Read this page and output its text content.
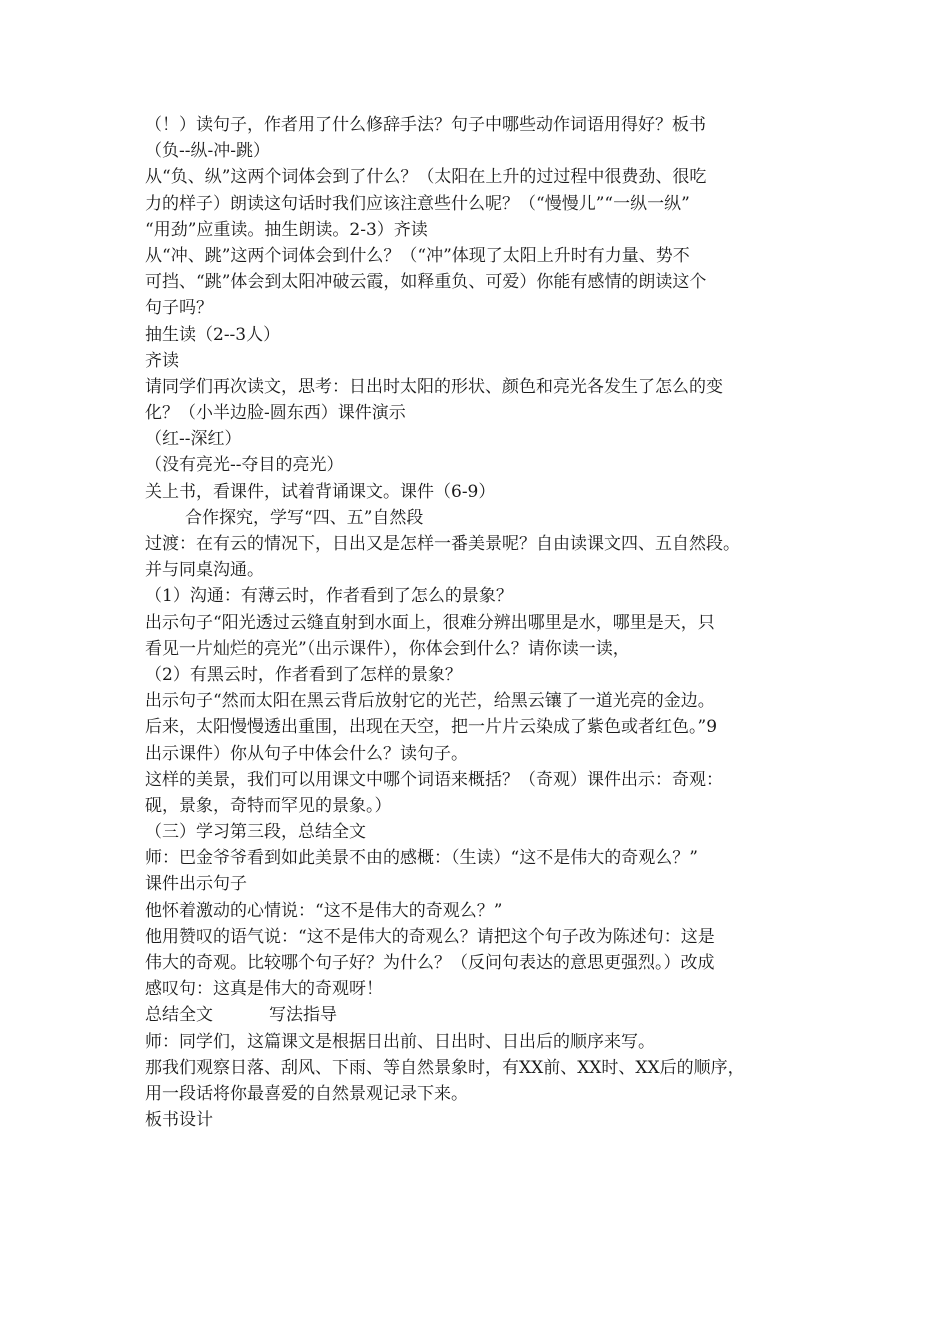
（！）读句子，作者用了什么修辞手法？句子中哪些动作词语用得好？板书
（负--纵-冲-跳）
从“负、纵”这两个词体会到了什么？（太阳在上升的过过程中很费劲、很吃
力的样子）朗读这句话时我们应该注意些什么呢？（“慢慢儿”“一纵一纵”
“用劲”应重读。抽生朗读。2-3）齐读
从“冲、跳”这两个词体会到什么？（“冲”体现了太阳上升时有力量、势不
可挡、“跳”体会到太阳冲破云霞，如释重负、可爱）你能有感情的朗读这个
句子吗？
抽生读（2--3人）
齐读
请同学们再次读文，思考：日出时太阳的形状、颜色和亮光各发生了怎么的变
化？（小半边脸-圆东西）课件演示
（红--深红）
（没有亮光--夺目的亮光）
关上书，看课件，试着背诵课文。课件（6-9）
合作探究，学写“四、五”自然段
过渡：在有云的情况下，日出又是怎样一番美景呢？自由读课文四、五自然段。
并与同桌沟通。
（1）沟通：有薄云时，作者看到了怎么的景象？
出示句子“阳光透过云缝直射到水面上，很难分辨出哪里是水，哪里是天，只
看见一片灿烂的亮光”（出示课件），你体会到什么？请你读一读，
（2）有黑云时，作者看到了怎样的景象？
出示句子“然而太阳在黑云背后放射它的光芒，给黑云镶了一道光亮的金边。
后来，太阳慢慢透出重围，出现在天空，把一片片云染成了紫色或者红色。”9
出示课件）你从句子中体会什么？读句子。
这样的美景，我们可以用课文中哪个词语来概括？（奇观）课件出示：奇观：
砚，景象，奇特而罕见的景象。）
（三）学习第三段，总结全文
师：巴金爷爷看到如此美景不由的感概：（生读）“这不是伟大的奇观么？”
课件出示句子
他怀着激动的心情说：“这不是伟大的奇观么？”
他用赞叹的语气说：“这不是伟大的奇观么？请把这个句子改为陈述句：这是
伟大的奇观。比较哪个句子好？为什么？（反问句表达的意思更强烈。）改成
感叹句：这真是伟大的奇观呀！
总结全文	写法指导
师：同学们，这篇课文是根据日出前、日出时、日出后的顺序来写。
那我们观察日落、刮风、下雨、等自然景象时，有XX前、XX时、XX后的顺序，
用一段话将你最喜爱的自然景观记录下来。
板书设计
